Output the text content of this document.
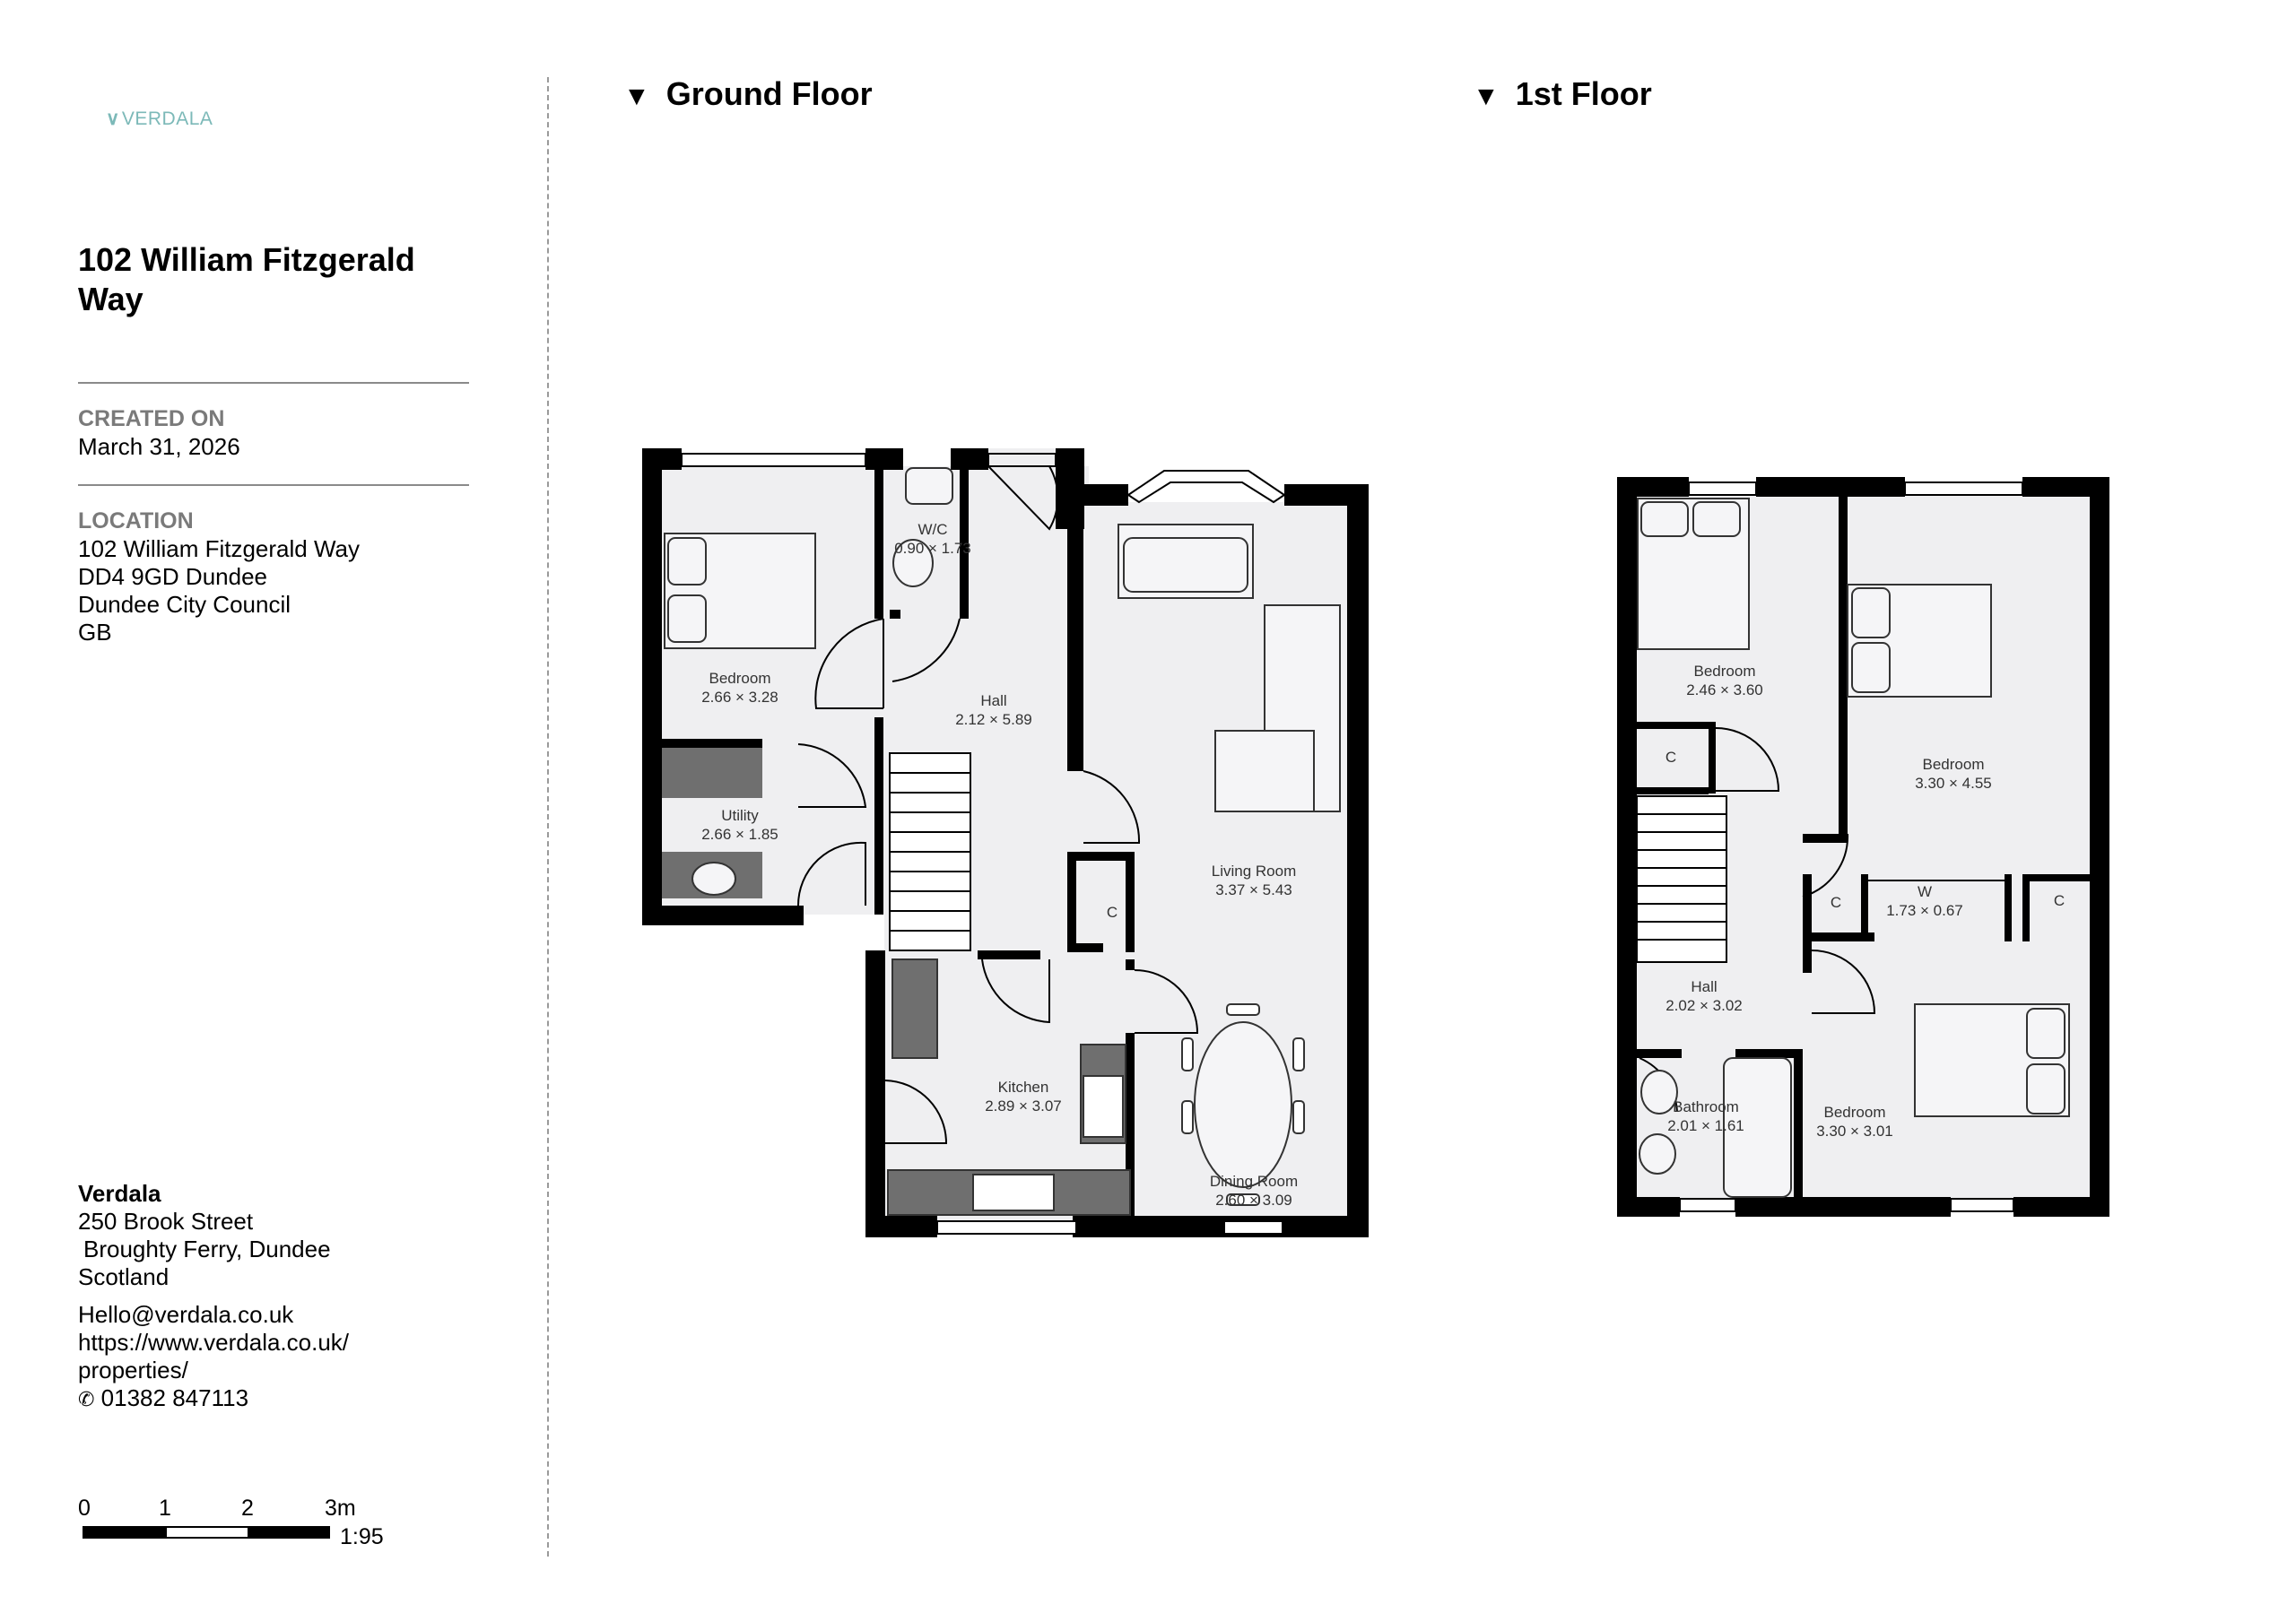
∨VERDALA
102 William Fitzgerald Way
CREATED ON
March 31, 2026
LOCATION
102 William Fitzgerald Way
DD4 9GD Dundee
Dundee City Council
GB
Verdala
250 Brook Street
Broughty Ferry, Dundee
Scotland
Hello@verdala.co.uk
https://www.verdala.co.uk/
properties/
✆ 01382 847113
0	1	2	3m
1:95
▼ Ground Floor	▼ 1st Floor
Bedroom
2.66 × 3.28
W/C
0.90 × 1.73
Hall
2.12 × 5.89
Utility
2.66 × 1.85
Living Room
3.37 × 5.43
C
Kitchen
2.89 × 3.07
Dining Room
2.60 × 3.09
Bedroom
2.46 × 3.60
Bedroom
3.30 × 4.55
C
W
1.73 × 0.67
C	C
Hall
2.02 × 3.02
Bathroom
2.01 × 1.61
Bedroom
3.30 × 3.01
